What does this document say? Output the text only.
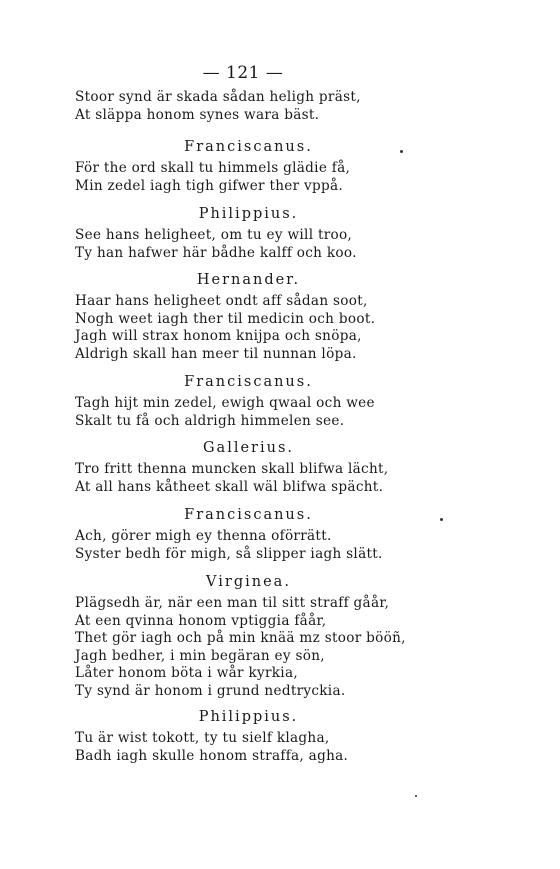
— 121 —
Stoor synd är skada sådan heligh präst,
At släppa honom synes wara bäst.
Franciscanus.
För the ord skall tu himmels glädie få,
Min zedel iagh tigh gifwer ther vppå.
Philippius.
See hans heligheet, om tu ey will troo,
Ty han hafwer här bådhe kalff och koo.
Hernander.
Haar hans heligheet ondt aff sådan soot,
Nogh weet iagh ther til medicin och boot.
Jagh will strax honom knijpa och snöpa,
Aldrigh skall han meer til nunnan löpa.
Franciscanus.
Tagh hijt min zedel, ewigh qwaal och wee
Skalt tu få och aldrigh himmelen see.
Gallerius.
Tro fritt thenna muncken skall blifwa lächt,
At all hans kåtheet skall wäl blifwa spächt.
Franciscanus.
Ach, görer migh ey thenna oförrätt.
Syster bedh för migh, så slipper iagh slätt.
Virginea.
Plägsedh är, när een man til sitt straff gåår,
At een qvinna honom vptiggia fåår,
Thet gör iagh och på min knää mz stoor bööñ,
Jagh bedher, i min begäran ey sön,
Låter honom böta i wår kyrkia,
Ty synd är honom i grund nedtryckia.
Philippius.
Tu är wist tokott, ty tu sielf klagha,
Badh iagh skulle honom straffa, agha.
